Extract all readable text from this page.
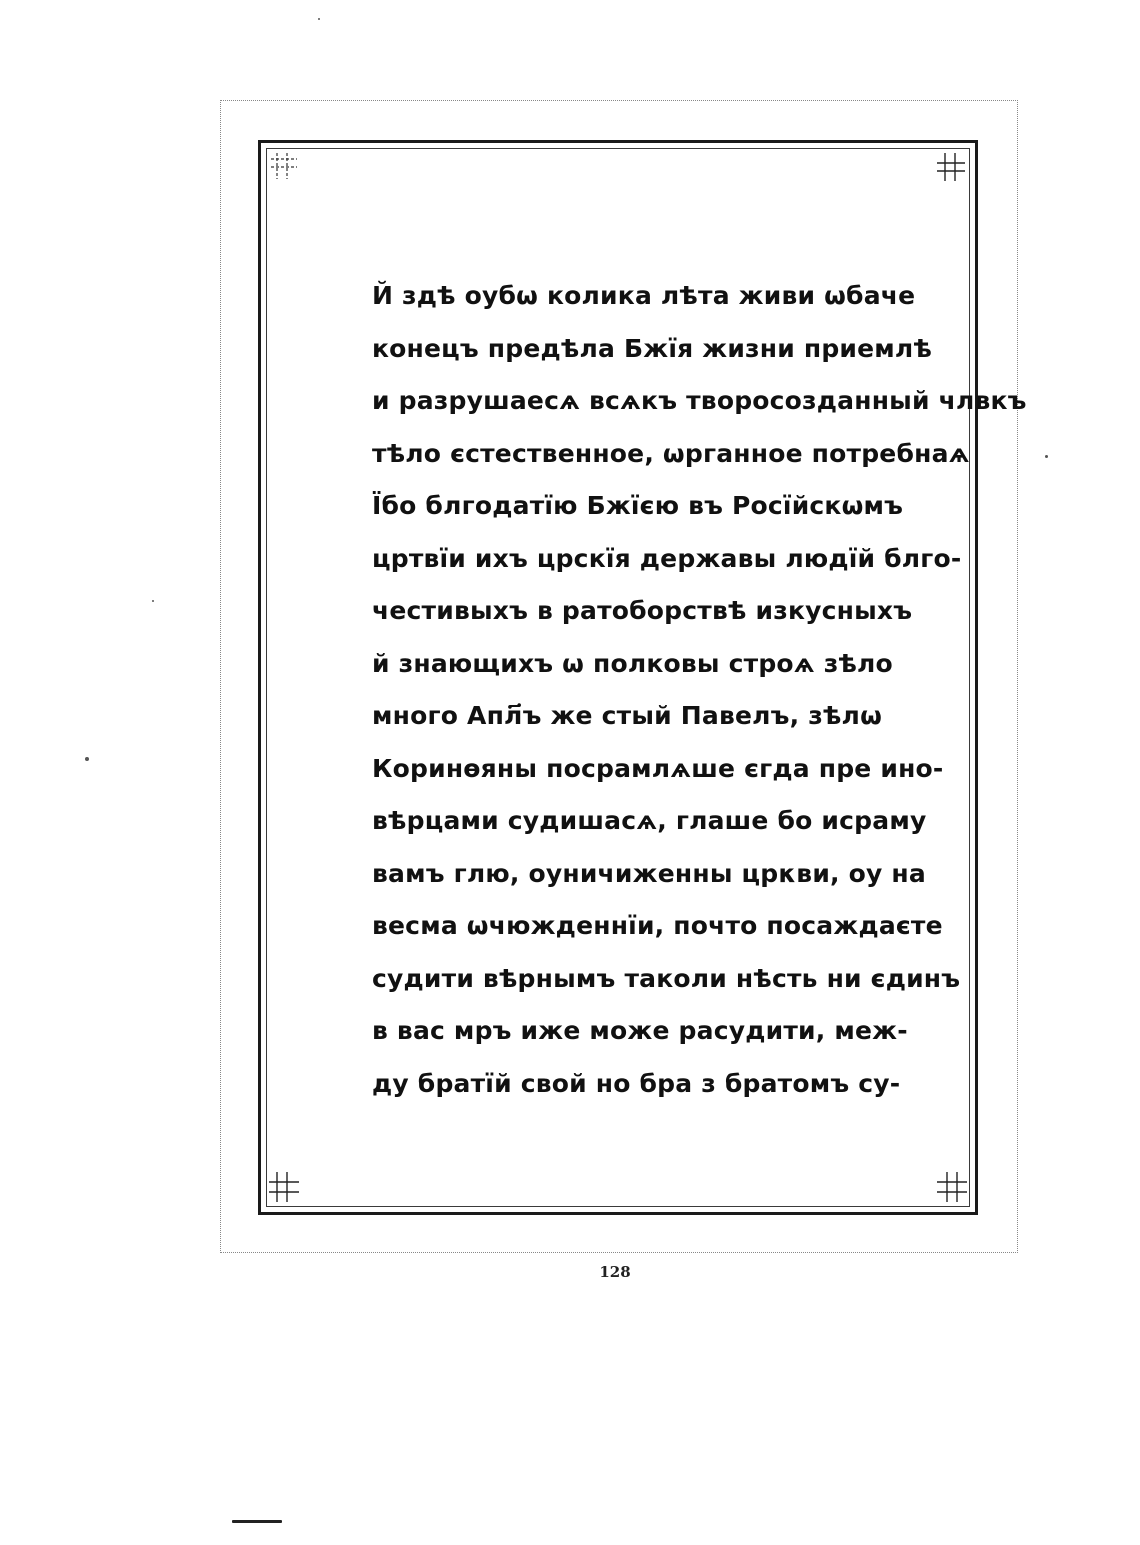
Й здѣ оубω колика лѣта живи ωбаче
конецъ предѣла Бжїя жизни приемлѣ
и разрушаесѧ всѧкъ творосозданный члвкъ
тѣло єстественное, ωрганное потребнаѧ
Їбо блгодатїю Бжїєю въ Росїйскωмъ
цртвїи ихъ црскїя державы людїй блго-
честивыхъ в ратоборствѣ изкусныхъ
й знающихъ ω полковы строѧ зѣло
много Апл҃ъ же стый Павелъ, зѣлω
Коринѳяны посрамлѧше єгда пре ино-
вѣрцами судишасѧ, глаше бо исраму
вамъ глю, оуничиженны црκви, оу на
весма ωчюжденнїи, почто посаждаєте
судити вѣрнымъ таколи нѣсть ни єдинъ
в вас мръ иже може расудити, меж-
ду братїй свой но бра з братомъ су-
128
